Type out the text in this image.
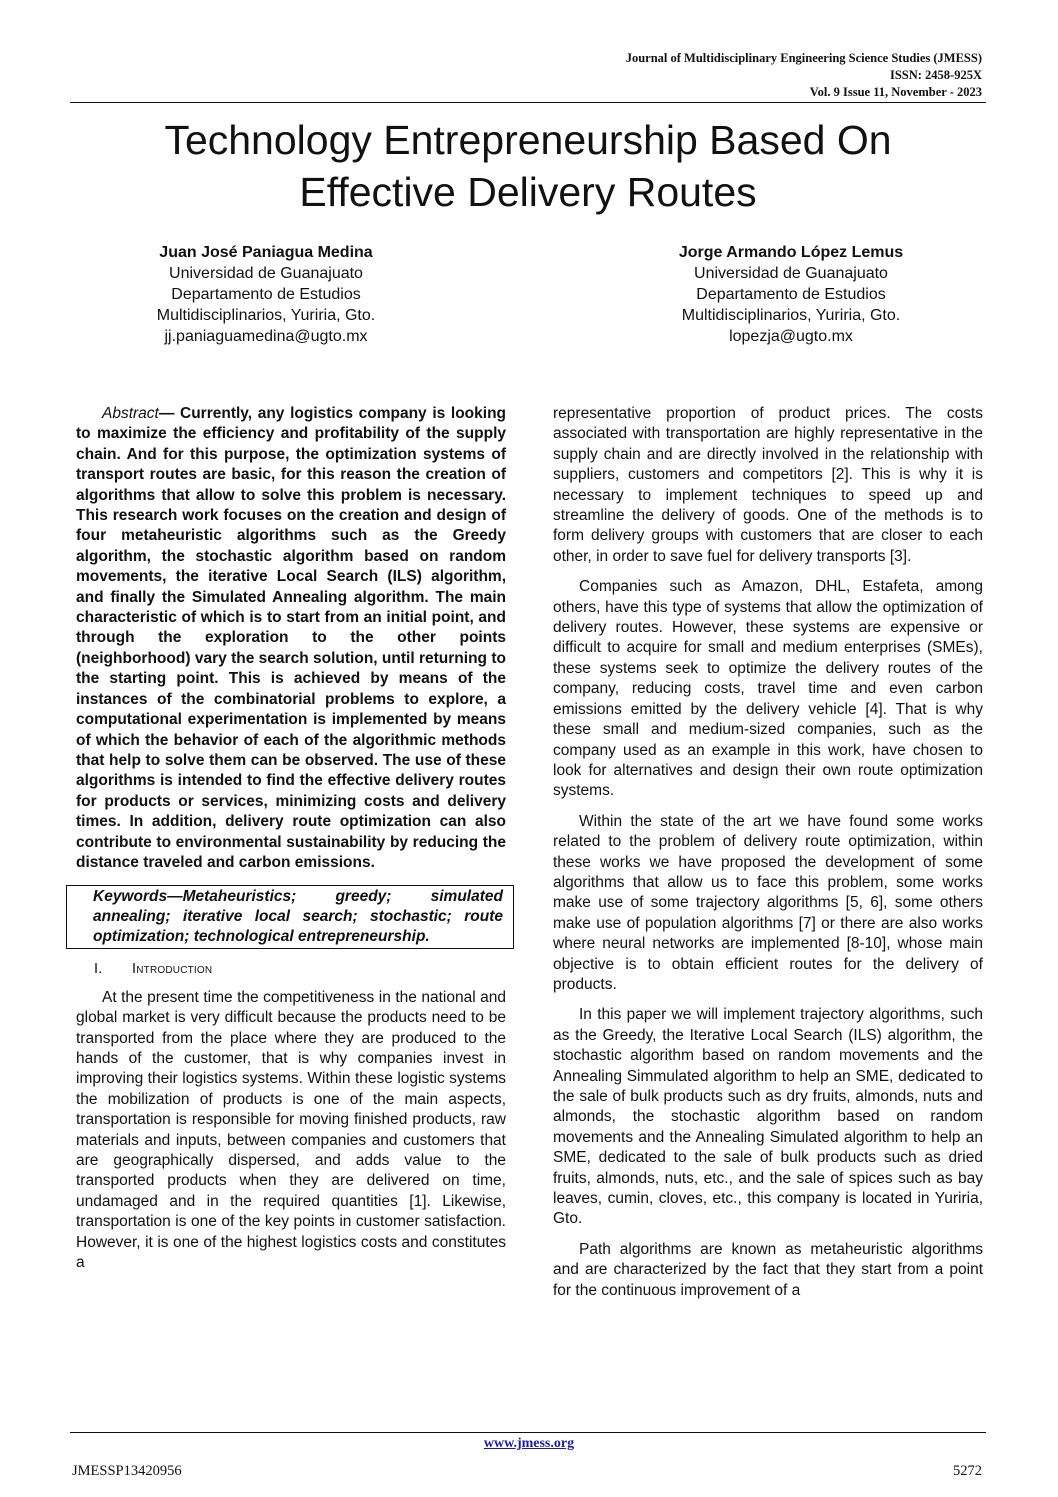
Journal of Multidisciplinary Engineering Science Studies (JMESS)
ISSN: 2458-925X
Vol. 9 Issue 11, November - 2023
Technology Entrepreneurship Based On
Effective Delivery Routes
Juan José Paniagua Medina
Universidad de Guanajuato
Departamento de Estudios
Multidisciplinarios, Yuriria, Gto.
jj.paniaguamedina@ugto.mx
Jorge Armando López Lemus
Universidad de Guanajuato
Departamento de Estudios
Multidisciplinarios, Yuriria, Gto.
lopezja@ugto.mx
Abstract— Currently, any logistics company is looking to maximize the efficiency and profitability of the supply chain. And for this purpose, the optimization systems of transport routes are basic, for this reason the creation of algorithms that allow to solve this problem is necessary. This research work focuses on the creation and design of four metaheuristic algorithms such as the Greedy algorithm, the stochastic algorithm based on random movements, the iterative Local Search (ILS) algorithm, and finally the Simulated Annealing algorithm. The main characteristic of which is to start from an initial point, and through the exploration to the other points (neighborhood) vary the search solution, until returning to the starting point. This is achieved by means of the instances of the combinatorial problems to explore, a computational experimentation is implemented by means of which the behavior of each of the algorithmic methods that help to solve them can be observed. The use of these algorithms is intended to find the effective delivery routes for products or services, minimizing costs and delivery times. In addition, delivery route optimization can also contribute to environmental sustainability by reducing the distance traveled and carbon emissions.
Keywords—Metaheuristics; greedy; simulated annealing; iterative local search; stochastic; route optimization; technological entrepreneurship.
I. Introduction

At the present time the competitiveness in the national and global market is very difficult because the products need to be transported from the place where they are produced to the hands of the customer, that is why companies invest in improving their logistics systems. Within these logistic systems the mobilization of products is one of the main aspects, transportation is responsible for moving finished products, raw materials and inputs, between companies and customers that are geographically dispersed, and adds value to the transported products when they are delivered on time, undamaged and in the required quantities [1]. Likewise, transportation is one of the key points in customer satisfaction. However, it is one of the highest logistics costs and constitutes a

representative proportion of product prices. The costs associated with transportation are highly representative in the supply chain and are directly involved in the relationship with suppliers, customers and competitors [2]. This is why it is necessary to implement techniques to speed up and streamline the delivery of goods. One of the methods is to form delivery groups with customers that are closer to each other, in order to save fuel for delivery transports [3].

Companies such as Amazon, DHL, Estafeta, among others, have this type of systems that allow the optimization of delivery routes. However, these systems are expensive or difficult to acquire for small and medium enterprises (SMEs), these systems seek to optimize the delivery routes of the company, reducing costs, travel time and even carbon emissions emitted by the delivery vehicle [4]. That is why these small and medium-sized companies, such as the company used as an example in this work, have chosen to look for alternatives and design their own route optimization systems.

Within the state of the art we have found some works related to the problem of delivery route optimization, within these works we have proposed the development of some algorithms that allow us to face this problem, some works make use of some trajectory algorithms [5, 6], some others make use of population algorithms [7] or there are also works where neural networks are implemented [8-10], whose main objective is to obtain efficient routes for the delivery of products.

In this paper we will implement trajectory algorithms, such as the Greedy, the Iterative Local Search (ILS) algorithm, the stochastic algorithm based on random movements and the Annealing Simmulated algorithm to help an SME, dedicated to the sale of bulk products such as dry fruits, almonds, nuts and almonds, the stochastic algorithm based on random movements and the Annealing Simulated algorithm to help an SME, dedicated to the sale of bulk products such as dried fruits, almonds, nuts, etc., and the sale of spices such as bay leaves, cumin, cloves, etc., this company is located in Yuriria, Gto.

Path algorithms are known as metaheuristic algorithms and are characterized by the fact that they start from a point for the continuous improvement of a

www.jmess.org
JMESSP13420956	5272
